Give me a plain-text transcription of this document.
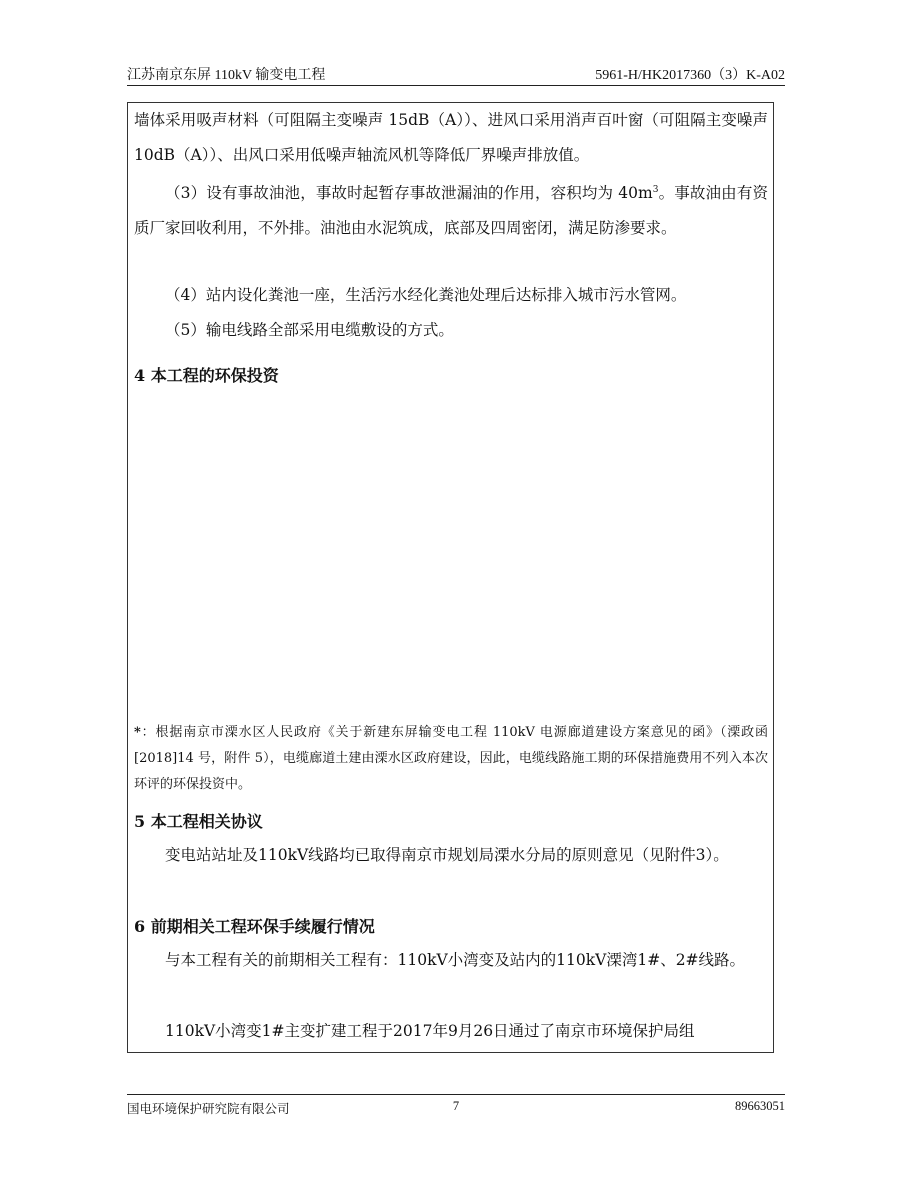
江苏南京东屏 110kV 输变电工程	5961-H/HK2017360（3）K-A02

墙体采用吸声材料（可阻隔主变噪声 15dB（A））、进风口采用消声百叶窗（可阻隔主变噪声 10dB（A））、出风口采用低噪声轴流风机等降低厂界噪声排放值。

（3）设有事故油池，事故时起暂存事故泄漏油的作用，容积均为 $40m^3$。事故油由有资质厂家回收利用，不外排。油池由水泥筑成，底部及四周密闭，满足防渗要求。

（4）站内设化粪池一座，生活污水经化粪池处理后达标排入城市污水管网。

（5）输电线路全部采用电缆敷设的方式。

4 本工程的环保投资

*：根据南京市溧水区人民政府《关于新建东屏输变电工程 110kV 电源廊道建设方案意见的函》（溧政函[2018]14 号，附件 5），电缆廊道土建由溧水区政府建设，因此，电缆线路施工期的环保措施费用不列入本次环评的环保投资中。

5 本工程相关协议

变电站站址及110kV线路均已取得南京市规划局溧水分局的原则意见（见附件3）。

6 前期相关工程环保手续履行情况

与本工程有关的前期相关工程有：110kV小湾变及站内的110kV溧湾1#、2#线路。

110kV小湾变1#主变扩建工程于2017年9月26日通过了南京市环境保护局组

国电环境保护研究院有限公司	7	89663051
